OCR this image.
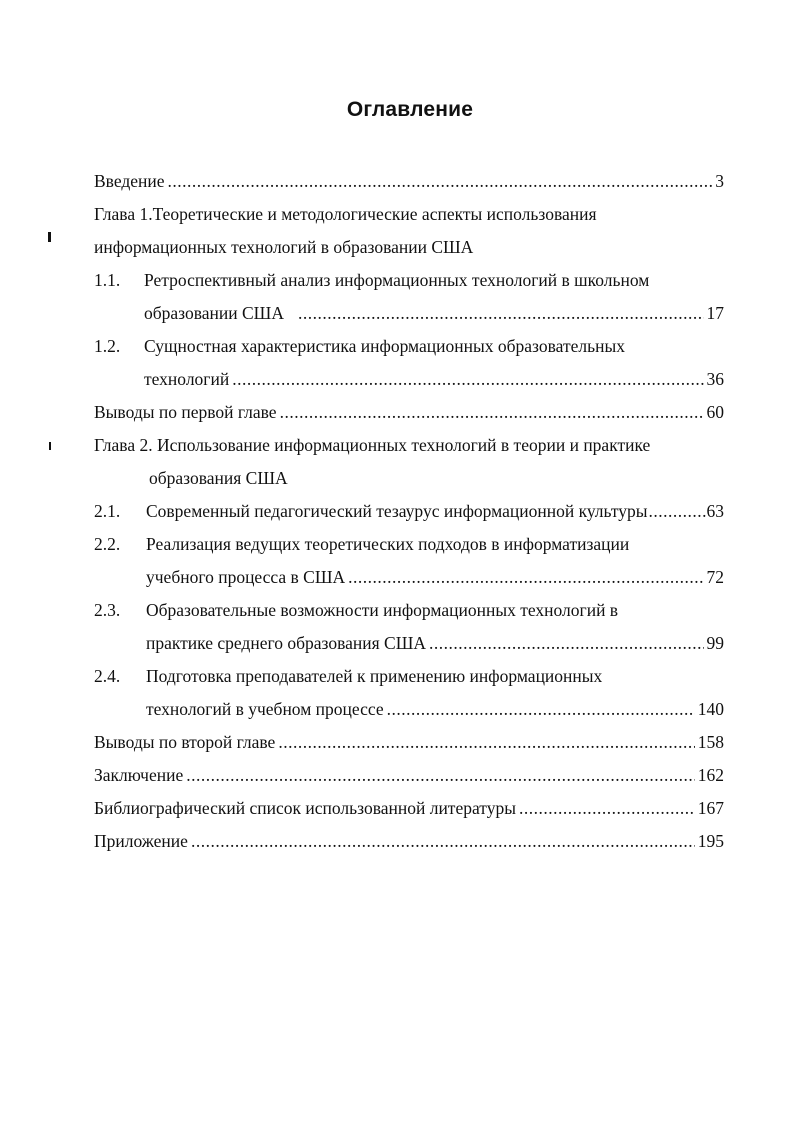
Оглавление
Введение .....	3
Глава 1.Теоретические и методологические аспекты использования
информационных технологий в образовании США
1.1.	Ретроспективный анализ информационных технологий в школьном
образовании США .....	17
1.2.	Сущностная характеристика информационных образовательных
технологий .....	36
Выводы по первой главе .....	60
Глава 2. Использование информационных технологий в теории и практике
образования США
2.1.	Современный педагогический тезаурус информационной культуры .....	63
2.2.	Реализация ведущих теоретических подходов в информатизации
учебного процесса в США .....	72
2.3.	Образовательные возможности информационных технологий в
практике среднего образования США .....	99
2.4.	Подготовка преподавателей к применению информационных
технологий в учебном процессе .....	140
Выводы по второй главе .....	158
Заключение .....	162
Библиографический список использованной литературы .....	167
Приложение .....	195
